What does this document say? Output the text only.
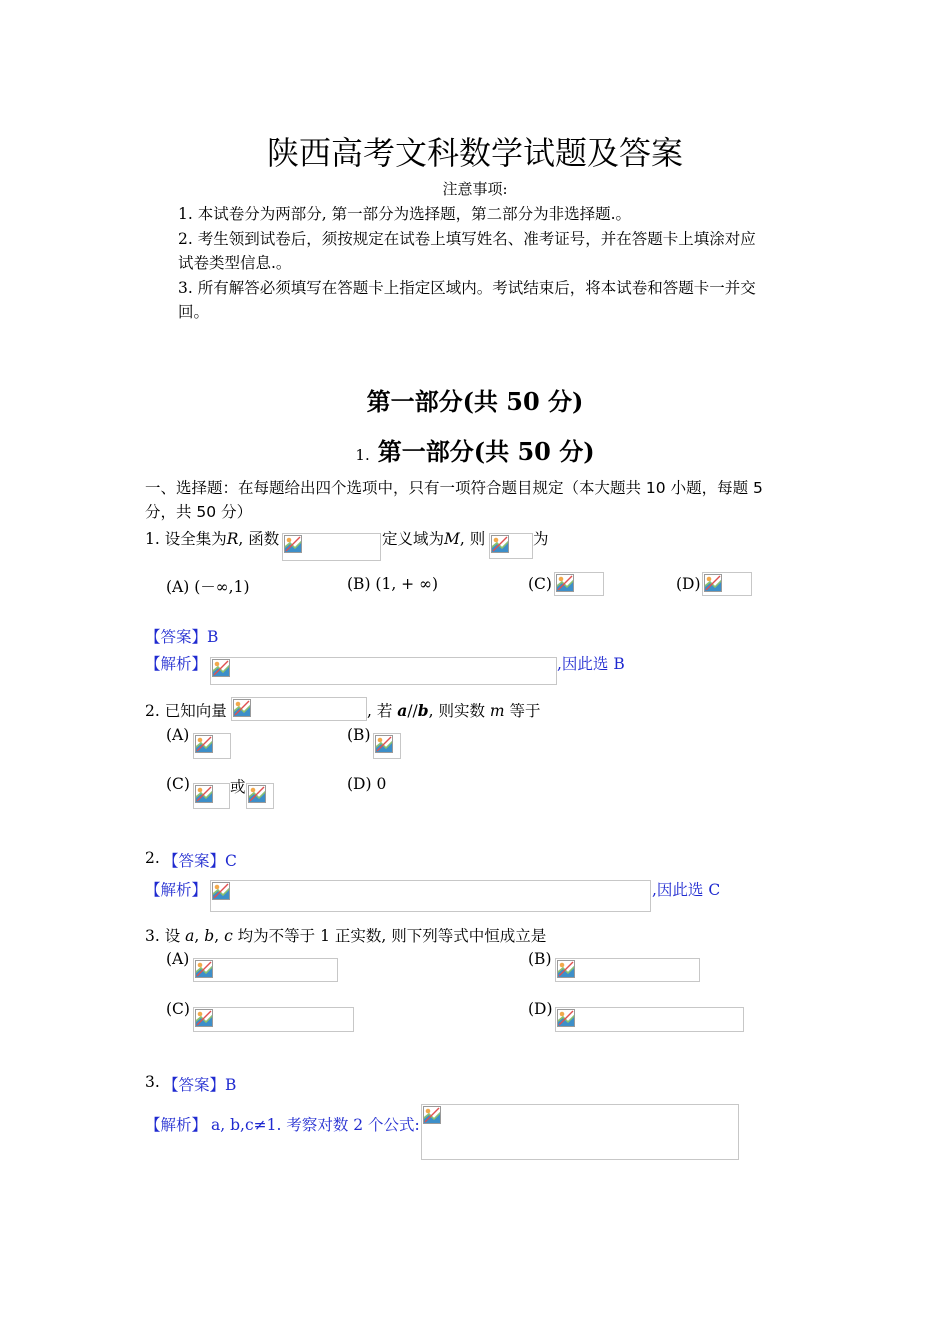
陕西高考文科数学试题及答案
注意事项:
1. 本试卷分为两部分, 第一部分为选择题，第二部分为非选择题.。
2. 考生领到试卷后，须按规定在试卷上填写姓名、准考证号，并在答题卡上填涂对应
试卷类型信息.。
3. 所有解答必须填写在答题卡上指定区域内。考试结束后，将本试卷和答题卡一并交
回。
第一部分(共 50 分)
1. 第一部分(共 50 分)
一、选择题：在每题给出四个选项中，只有一项符合题目规定（本大题共 10 小题，每题 5
分，共 50 分）
1. 设全集为R, 函数	定义域为M, 则	为
(A) (－∞,1)	(B) (1, + ∞)	(C)	(D)
【答案】B
【解析】	,因此选 B
2. 已知向量	, 若 a//b, 则实数 m 等于
(A)	(B)
(C)	或	(D) 0
2. 【答案】C
【解析】	,因此选 C
3. 设 a, b, c 均为不等于 1 正实数, 则下列等式中恒成立是
(A)	(B)
(C)	(D)
3. 【答案】B
【解析】 a, b,c≠1. 考察对数 2 个公式:
